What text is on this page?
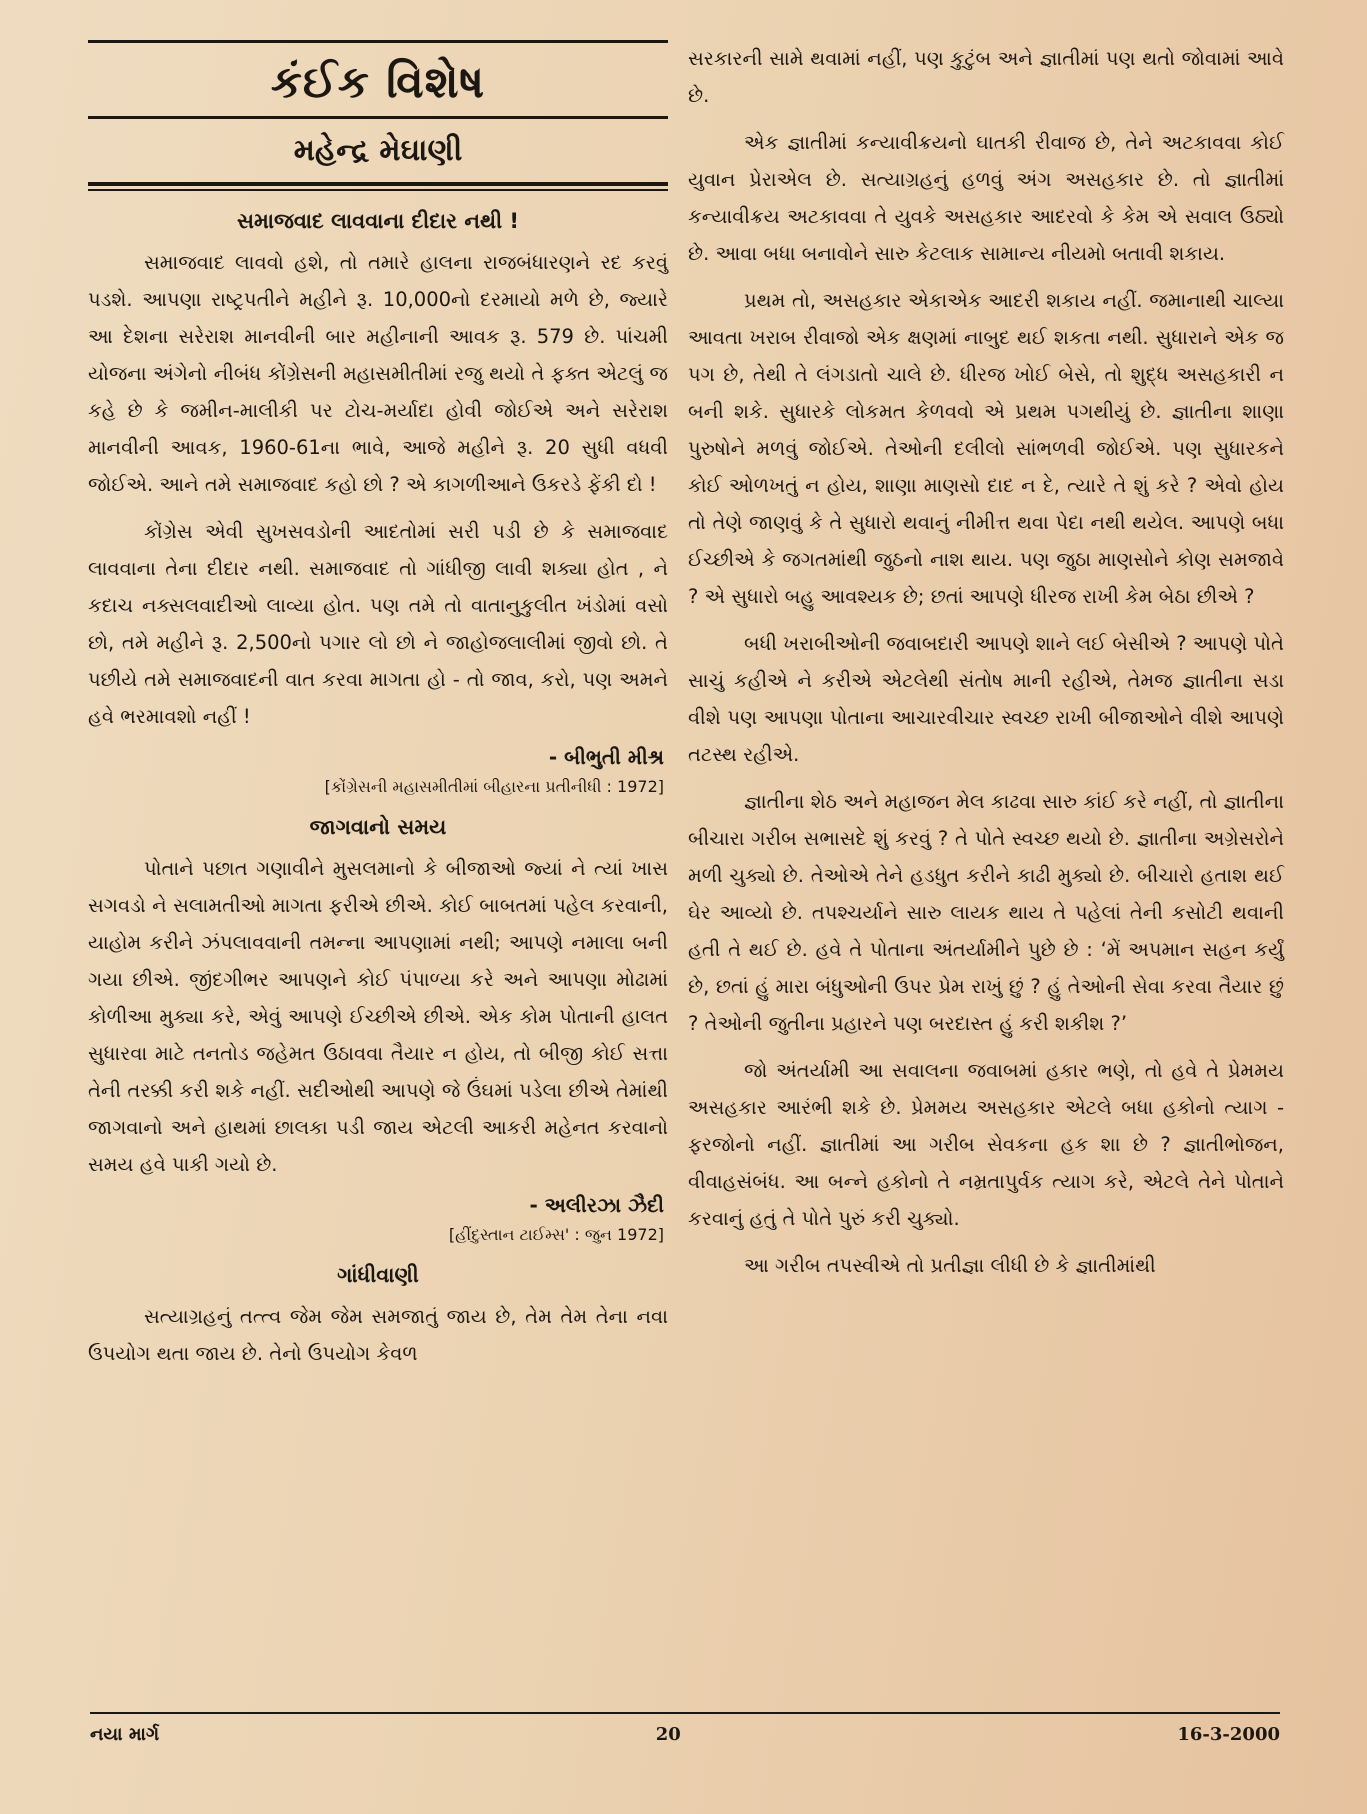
કંઈક વિશેષ
મહેન્દ્ર મેઘાણી
સમાજવાદ લાવવાના દીદાર નથી !

સમાજવાદ લાવવો હશે, તો તમારે હાલના રાજબંધારણને રદ કરવું પડશે. આપણા રાષ્ટ્રપતીને મહીને રૂ. 10,000નો દરમાયો મળે છે, જ્યારે આ દેશના સરેરાશ માનવીની બાર મહીનાની આવક રૂ. 579 છે. પાંચમી યોજના અંગેનો નીબંધ કોંગ્રેસની મહાસમીતીમાં રજુ થયો તે ફક્ત એટલું જ કહે છે કે જમીન-માલીકી પર ટોચ-મર્યાદા હોવી જોઈએ અને સરેરાશ માનવીની આવક, 1960-61ના ભાવે, આજે મહીને રૂ. 20 સુધી વધવી જોઈએ. આને તમે સમાજવાદ કહો છો ? એ કાગળીઆને ઉકરડે ફેંકી દો !

કોંગ્રેસ એવી સુખસવડોની આદતોમાં સરી પડી છે કે સમાજવાદ લાવવાના તેના દીદાર નથી. સમાજવાદ તો ગાંધીજી લાવી શક્યા હોત , ને કદાચ નક્સલવાદીઓ લાવ્યા હોત. પણ તમે તો વાતાનુકુલીત ખંડોમાં વસો છો, તમે મહીને રૂ. 2,500નો પગાર લો છો ને જાહોજલાલીમાં જીવો છો. તે પછીયે તમે સમાજવાદની વાત કરવા માગતા હો - તો જાવ, કરો, પણ અમને હવે ભરમાવશો નહીં !

- બીભુતી મીશ્ર
[કોંગ્રેસની મહાસમીતીમાં બીહારના પ્રતીનીધી : 1972]
જાગવાનો સમય

પોતાને પછાત ગણાવીને મુસલમાનો કે બીજાઓ જ્યાં ને ત્યાં ખાસ સગવડો ને સલામતીઓ માગતા ફરીએ છીએ. કોઈ બાબતમાં પહેલ કરવાની, યાહોમ કરીને ઝંપલાવવાની તમન્ના આપણામાં નથી; આપણે નમાલા બની ગયા છીએ. જીંદગીભર આપણને કોઈ પંપાળ્યા કરે અને આપણા મોઢામાં કોળીઆ મુક્યા કરે, એવું આપણે ઈચ્છીએ છીએ. એક કોમ પોતાની હાલત સુધારવા માટે તનતોડ જહેમત ઉઠાવવા તૈયાર ન હોય, તો બીજી કોઈ સત્તા તેની તરક્કી કરી શકે નહીં. સદીઓથી આપણે જે ઉંઘમાં પડેલા છીએ તેમાંથી જાગવાનો અને હાથમાં છાલકા પડી જાય એટલી આકરી મહેનત કરવાનો સમય હવે પાકી ગયો છે.

- અલીરઝા ઝૈદી
[હીંદુસ્તાન ટાઈમ્સ' : જુન 1972]
ગાંધીવાણી

સત્યાગ્રહનું તત્ત્વ જેમ જેમ સમજાતું જાય છે, તેમ તેમ તેના નવા ઉપયોગ થતા જાય છે. તેનો ઉપયોગ કેવળ

સરકારની સામે થવામાં નહીં, પણ કુટુંબ અને જ્ઞાતીમાં પણ થતો જોવામાં આવે છે.

એક જ્ઞાતીમાં કન્યાવીક્રયનો ઘાતકી રીવાજ છે, તેને અટકાવવા કોઈ યુવાન પ્રેરાએલ છે. સત્યાગ્રહનું હળવું અંગ અસહકાર છે. તો જ્ઞાતીમાં કન્યાવીક્રય અટકાવવા તે યુવકે અસહકાર આદરવો કે કેમ એ સવાલ ઉઠ્યો છે. આવા બધા બનાવોને સારુ કેટલાક સામાન્ય નીયમો બતાવી શકાય.

પ્રથમ તો, અસહકાર એકાએક આદરી શકાય નહીં. જમાનાથી ચાલ્યા આવતા ખરાબ રીવાજો એક ક્ષણમાં નાબુદ થઈ શકતા નથી. સુધારાને એક જ પગ છે, તેથી તે લંગડાતો ચાલે છે. ધીરજ ખોઈ બેસે, તો શુદ્ધ અસહકારી ન બની શકે. સુધારકે લોકમત કેળવવો એ પ્રથમ પગથીયું છે. જ્ઞાતીના શાણા પુરુષોને મળવું જોઈએ. તેઓની દલીલો સાંભળવી જોઈએ. પણ સુધારકને કોઈ ઓળખતું ન હોય, શાણા માણસો દાદ ન દે, ત્યારે તે શું કરે ? એવો હોય તો તેણે જાણવું કે તે સુધારો થવાનું નીમીત્ત થવા પેદા નથી થયેલ. આપણે બધા ઈચ્છીએ કે જગતમાંથી જુઠનો નાશ થાય. પણ જુઠા માણસોને કોણ સમજાવે ? એ સુધારો બહુ આવશ્યક છે; છતાં આપણે ધીરજ રાખી કેમ બેઠા છીએ ?

બધી ખરાબીઓની જવાબદારી આપણે શાને લઈ બેસીએ ? આપણે પોતે સાચું કહીએ ને કરીએ એટલેથી સંતોષ માની રહીએ, તેમજ જ્ઞાતીના સડા વીશે પણ આપણા પોતાના આચારવીચાર સ્વચ્છ રાખી બીજાઓને વીશે આપણે તટસ્થ રહીએ.

જ્ઞાતીના શેઠ અને મહાજન મેલ કાઢવા સારુ કાંઈ કરે નહીં, તો જ્ઞાતીના બીચારા ગરીબ સભાસદે શું કરવું ? તે પોતે સ્વચ્છ થયો છે. જ્ઞાતીના અગ્રેસરોને મળી ચુક્યો છે. તેઓએ તેને હડધુત કરીને કાઢી મુક્યો છે. બીચારો હતાશ થઈ ઘેર આવ્યો છે. તપશ્ચર્યાને સારુ લાયક થાય તે પહેલાં તેની કસોટી થવાની હતી તે થઈ છે. હવે તે પોતાના અંતર્યામીને પુછે છે : ‘મેં અપમાન સહન કર્યું છે, છતાં હું મારા બંધુઓની ઉપર પ્રેમ રાખું છું ? હું તેઓની સેવા કરવા તૈયાર છું ? તેઓની જુતીના પ્રહારને પણ બરદાસ્ત હું કરી શકીશ ?’

જો અંતર્યામી આ સવાલના જવાબમાં હકાર ભણે, તો હવે તે પ્રેમમય અસહકાર આરંભી શકે છે. પ્રેમમય અસહકાર એટલે બધા હકોનો ત્યાગ - ફરજોનો નહીં. જ્ઞાતીમાં આ ગરીબ સેવકના હક શા છે ? જ્ઞાતીભોજન, વીવાહસંબંધ. આ બન્ને હકોનો તે નમ્રતાપુર્વક ત્યાગ કરે, એટલે તેને પોતાને કરવાનું હતું તે પોતે પુરું કરી ચુક્યો.

આ ગરીબ તપસ્વીએ તો પ્રતીજ્ઞા લીધી છે કે જ્ઞાતીમાંથી

નયા માર્ગ	20	16-3-2000
